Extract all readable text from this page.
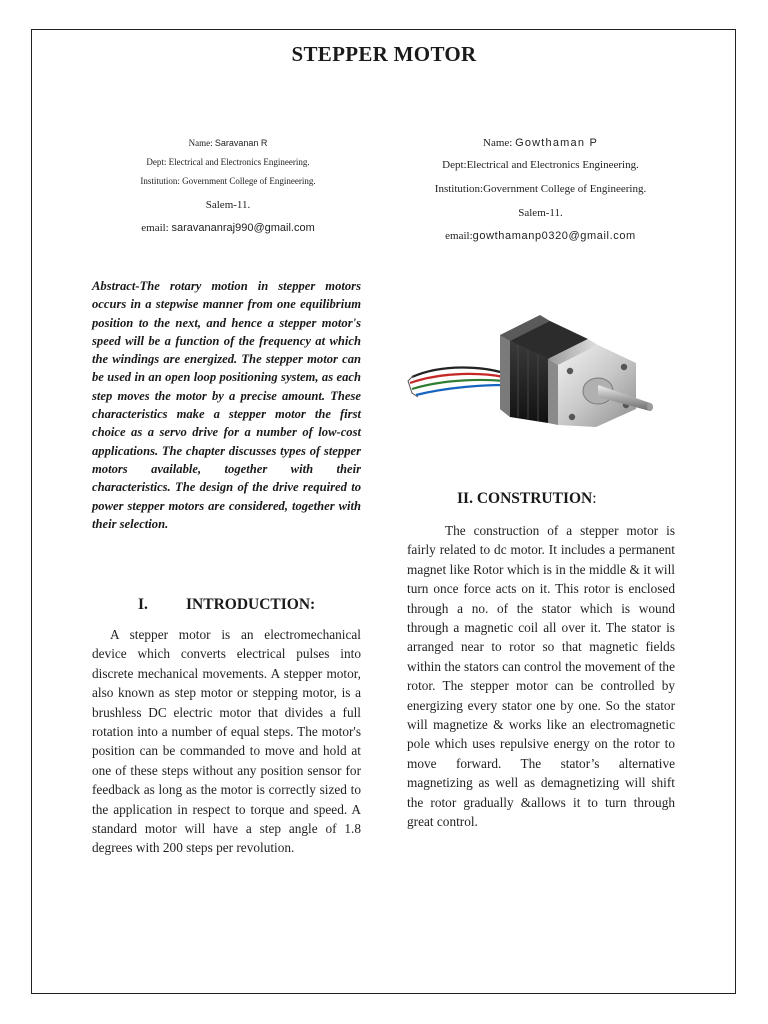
STEPPER MOTOR
Name: Saravanan R
Dept: Electrical and Electronics Engineering.
Institution: Government College of Engineering.
Salem-11.
email: saravananraj990@gmail.com
Name: Gowthaman P
Dept:Electrical and Electronics Engineering.
Institution:Government College of Engineering.
Salem-11.
email:gowthamanp0320@gmail.com
Abstract-The rotary motion in stepper motors occurs in a stepwise manner from one equilibrium position to the next, and hence a stepper motor's speed will be a function of the frequency at which the windings are energized. The stepper motor can be used in an open loop positioning system, as each step moves the motor by a precise amount. These characteristics make a stepper motor the first choice as a servo drive for a number of low-cost applications. The chapter discusses types of stepper motors available, together with their characteristics. The design of the drive required to power stepper motors are considered, together with their selection.
I. INTRODUCTION:
A stepper motor is an electromechanical device which converts electrical pulses into discrete mechanical movements. A stepper motor, also known as step motor or stepping motor, is a brushless DC electric motor that divides a full rotation into a number of equal steps. The motor's position can be commanded to move and hold at one of these steps without any position sensor for feedback as long as the motor is correctly sized to the application in respect to torque and speed. A standard motor will have a step angle of 1.8 degrees with 200 steps per revolution.
II. CONSTRUTION:
The construction of a stepper motor is fairly related to dc motor. It includes a permanent magnet like Rotor which is in the middle & it will turn once force acts on it. This rotor is enclosed through a no. of the stator which is wound through a magnetic coil all over it. The stator is arranged near to rotor so that magnetic fields within the stators can control the movement of the rotor. The stepper motor can be controlled by energizing every stator one by one. So the stator will magnetize & works like an electromagnetic pole which uses repulsive energy on the rotor to move forward. The stator’s alternative magnetizing as well as demagnetizing will shift the rotor gradually &allows it to turn through great control.
